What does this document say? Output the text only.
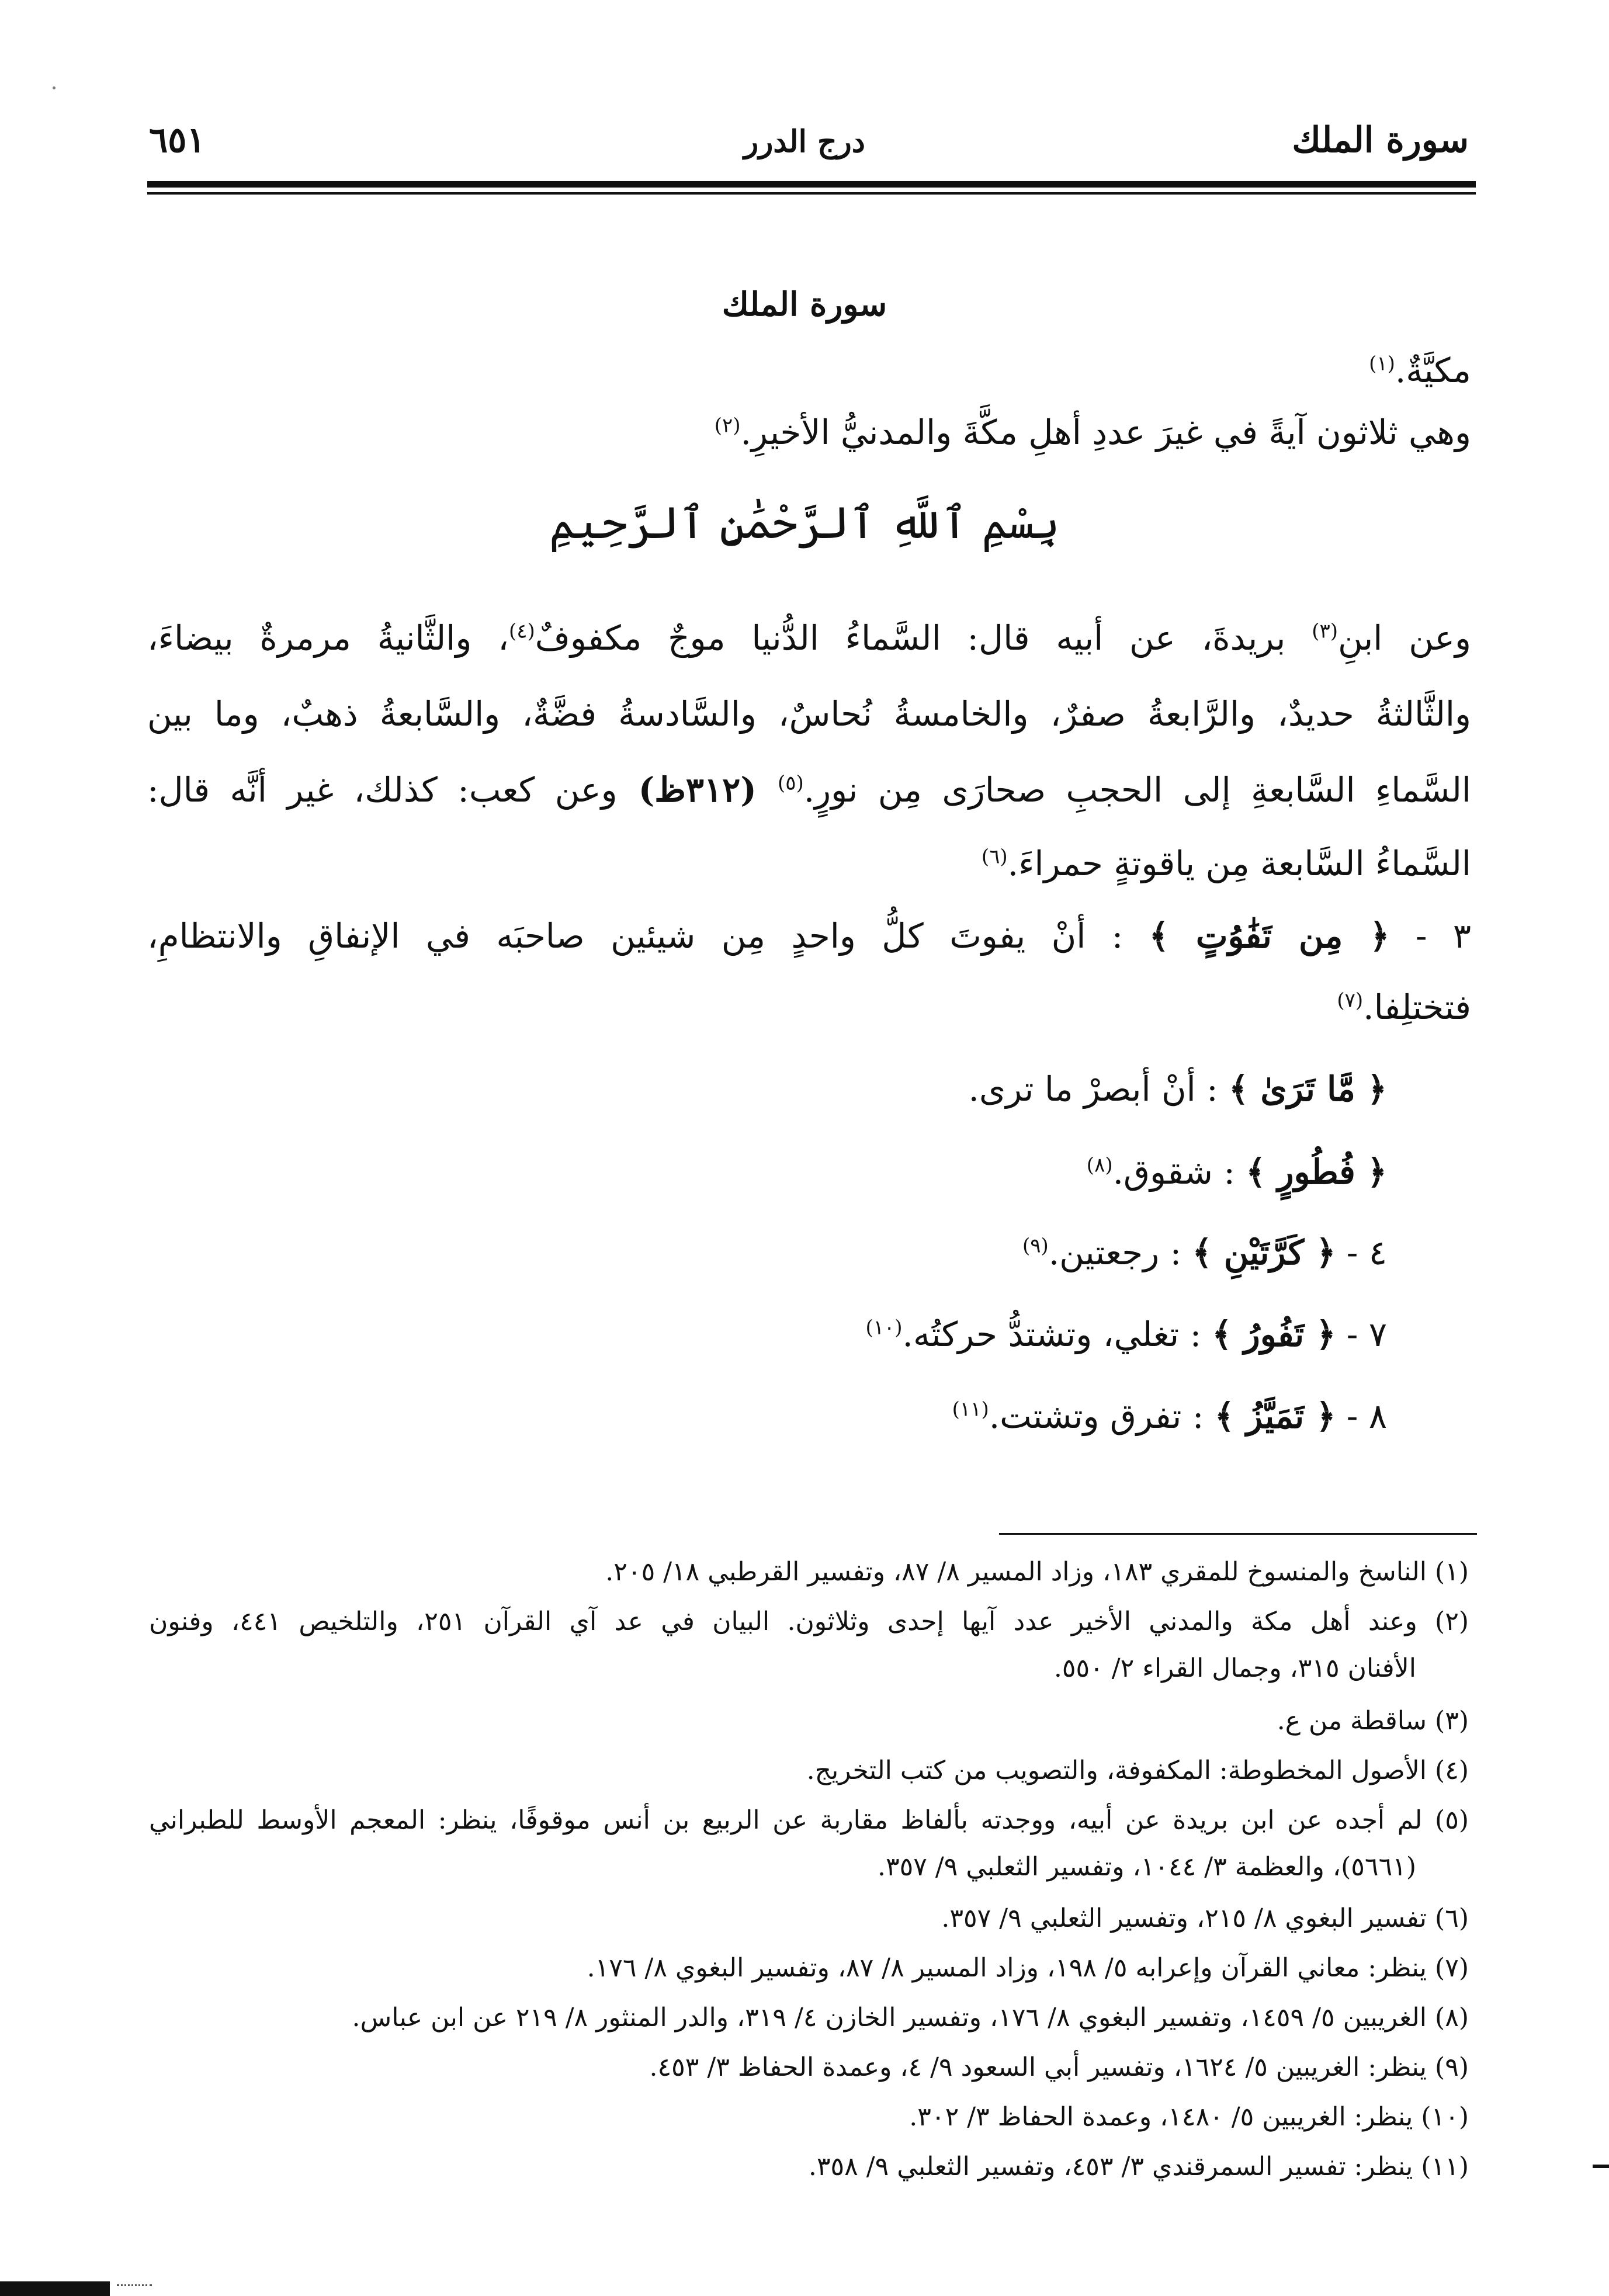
سورة الملك
درج الدرر
٦٥١
سورة الملك
مكيَّةٌ.$^{(١)}$
وهي ثلاثون آيةً في غيرَ عددِ أهلِ مكَّةَ والمدنيُّ الأخيرِ.$^{(٢)}$
بِسْمِ ٱللَّهِ ٱلرَّحْمَٰنِ ٱلرَّحِيمِ
وعن ابنِ$^{(٣)}$ بريدةَ، عن أبيه قال: السَّماءُ الدُّنيا موجٌ مكفوفٌ$^{(٤)}$، والثَّانيةُ مرمرةٌ بيضاءَ،
والثَّالثةُ حديدٌ، والرَّابعةُ صفرٌ، والخامسةُ نُحاسٌ، والسَّادسةُ فضَّةٌ، والسَّابعةُ ذهبٌ، وما بين
السَّماءِ السَّابعةِ إلى الحجبِ صحارَى مِن نورٍ.$^{(٥)}$ (٣١٢ظ) وعن كعب: كذلك، غير أنَّه قال:
السَّماءُ السَّابعة مِن ياقوتةٍ حمراءَ.$^{(٦)}$
٣ - ﴿ مِن تَفَٰوُتٍ ﴾ : أنْ يفوتَ كلُّ واحدٍ مِن شيئين صاحبَه في الإنفاقِ والانتظامِ،
فتختلِفا.$^{(٧)}$
﴿ مَّا تَرَىٰ ﴾ : أنْ أبصرْ ما ترى.
﴿ فُطُورٍ ﴾ : شقوق.$^{(٨)}$
٤ - ﴿ كَرَّتَيْنِ ﴾ : رجعتين.$^{(٩)}$
٧ - ﴿ تَفُورُ ﴾ : تغلي، وتشتدُّ حركتُه.$^{(١٠)}$
٨ - ﴿ تَمَيَّزُ ﴾ : تفرق وتشتت.$^{(١١)}$
(١) الناسخ والمنسوخ للمقري ١٨٣، وزاد المسير ٨/ ٨٧، وتفسير القرطبي ١٨/ ٢٠٥.
(٢) وعند أهل مكة والمدني الأخير عدد آيها إحدى وثلاثون. البيان في عد آي القرآن ٢٥١، والتلخيص ٤٤١، وفنون
الأفنان ٣١٥، وجمال القراء ٢/ ٥٥٠.
(٣) ساقطة من ع.
(٤) الأصول المخطوطة: المكفوفة، والتصويب من كتب التخريج.
(٥) لم أجده عن ابن بريدة عن أبيه، ووجدته بألفاظ مقاربة عن الربيع بن أنس موقوفًا، ينظر: المعجم الأوسط للطبراني
(٥٦٦١)، والعظمة ٣/ ١٠٤٤، وتفسير الثعلبي ٩/ ٣٥٧.
(٦) تفسير البغوي ٨/ ٢١٥، وتفسير الثعلبي ٩/ ٣٥٧.
(٧) ينظر: معاني القرآن وإعرابه ٥/ ١٩٨، وزاد المسير ٨/ ٨٧، وتفسير البغوي ٨/ ١٧٦.
(٨) الغريبين ٥/ ١٤٥٩، وتفسير البغوي ٨/ ١٧٦، وتفسير الخازن ٤/ ٣١٩، والدر المنثور ٨/ ٢١٩ عن ابن عباس.
(٩) ينظر: الغريبين ٥/ ١٦٢٤، وتفسير أبي السعود ٩/ ٤، وعمدة الحفاظ ٣/ ٤٥٣.
(١٠) ينظر: الغريبين ٥/ ١٤٨٠، وعمدة الحفاظ ٣/ ٣٠٢.
(١١) ينظر: تفسير السمرقندي ٣/ ٤٥٣، وتفسير الثعلبي ٩/ ٣٥٨.
